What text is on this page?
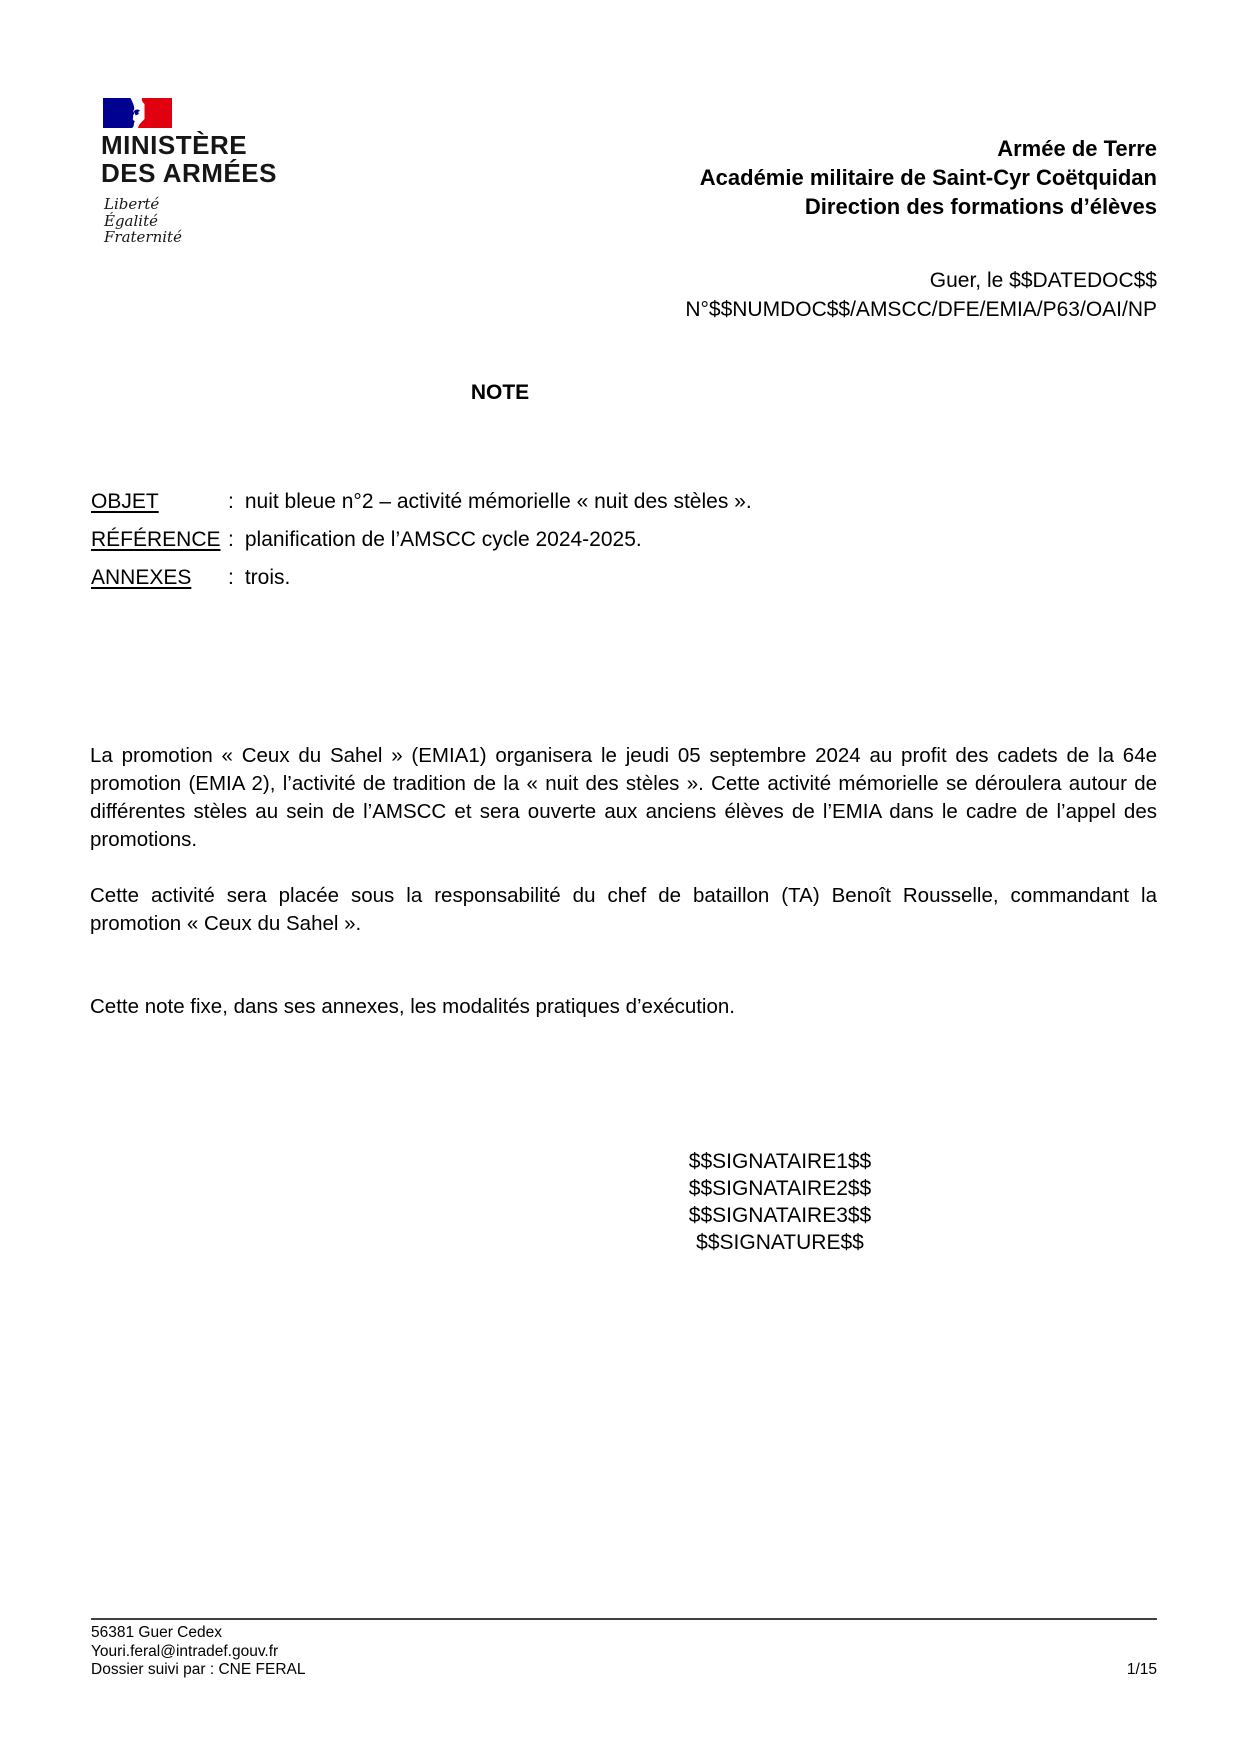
MINISTÈRE
DES ARMÉES
Liberté
Égalité
Fraternité
Armée de Terre
Académie militaire de Saint-Cyr Coëtquidan
Direction des formations d’élèves
Guer, le $$DATEDOC$$
N°$$NUMDOC$$/AMSCC/DFE/EMIA/P63/OAI/NP
NOTE
OBJET	: nuit bleue n°2 – activité mémorielle « nuit des stèles ».
RÉFÉRENCE : planification de l’AMSCC cycle 2024-2025.
ANNEXES	: trois.
La promotion « Ceux du Sahel » (EMIA1) organisera le jeudi 05 septembre 2024 au profit des cadets de la 64e promotion (EMIA 2), l’activité de tradition de la « nuit des stèles ». Cette activité mémorielle se déroulera autour de différentes stèles au sein de l’AMSCC et sera ouverte aux anciens élèves de l’EMIA dans le cadre de l’appel des promotions.
Cette activité sera placée sous la responsabilité du chef de bataillon (TA) Benoît Rousselle, commandant la promotion « Ceux du Sahel ».
Cette note fixe, dans ses annexes, les modalités pratiques d’exécution.
$$SIGNATAIRE1$$
$$SIGNATAIRE2$$
$$SIGNATAIRE3$$
$$SIGNATURE$$
56381 Guer Cedex
Youri.feral@intradef.gouv.fr
Dossier suivi par : CNE FERAL	1/15
